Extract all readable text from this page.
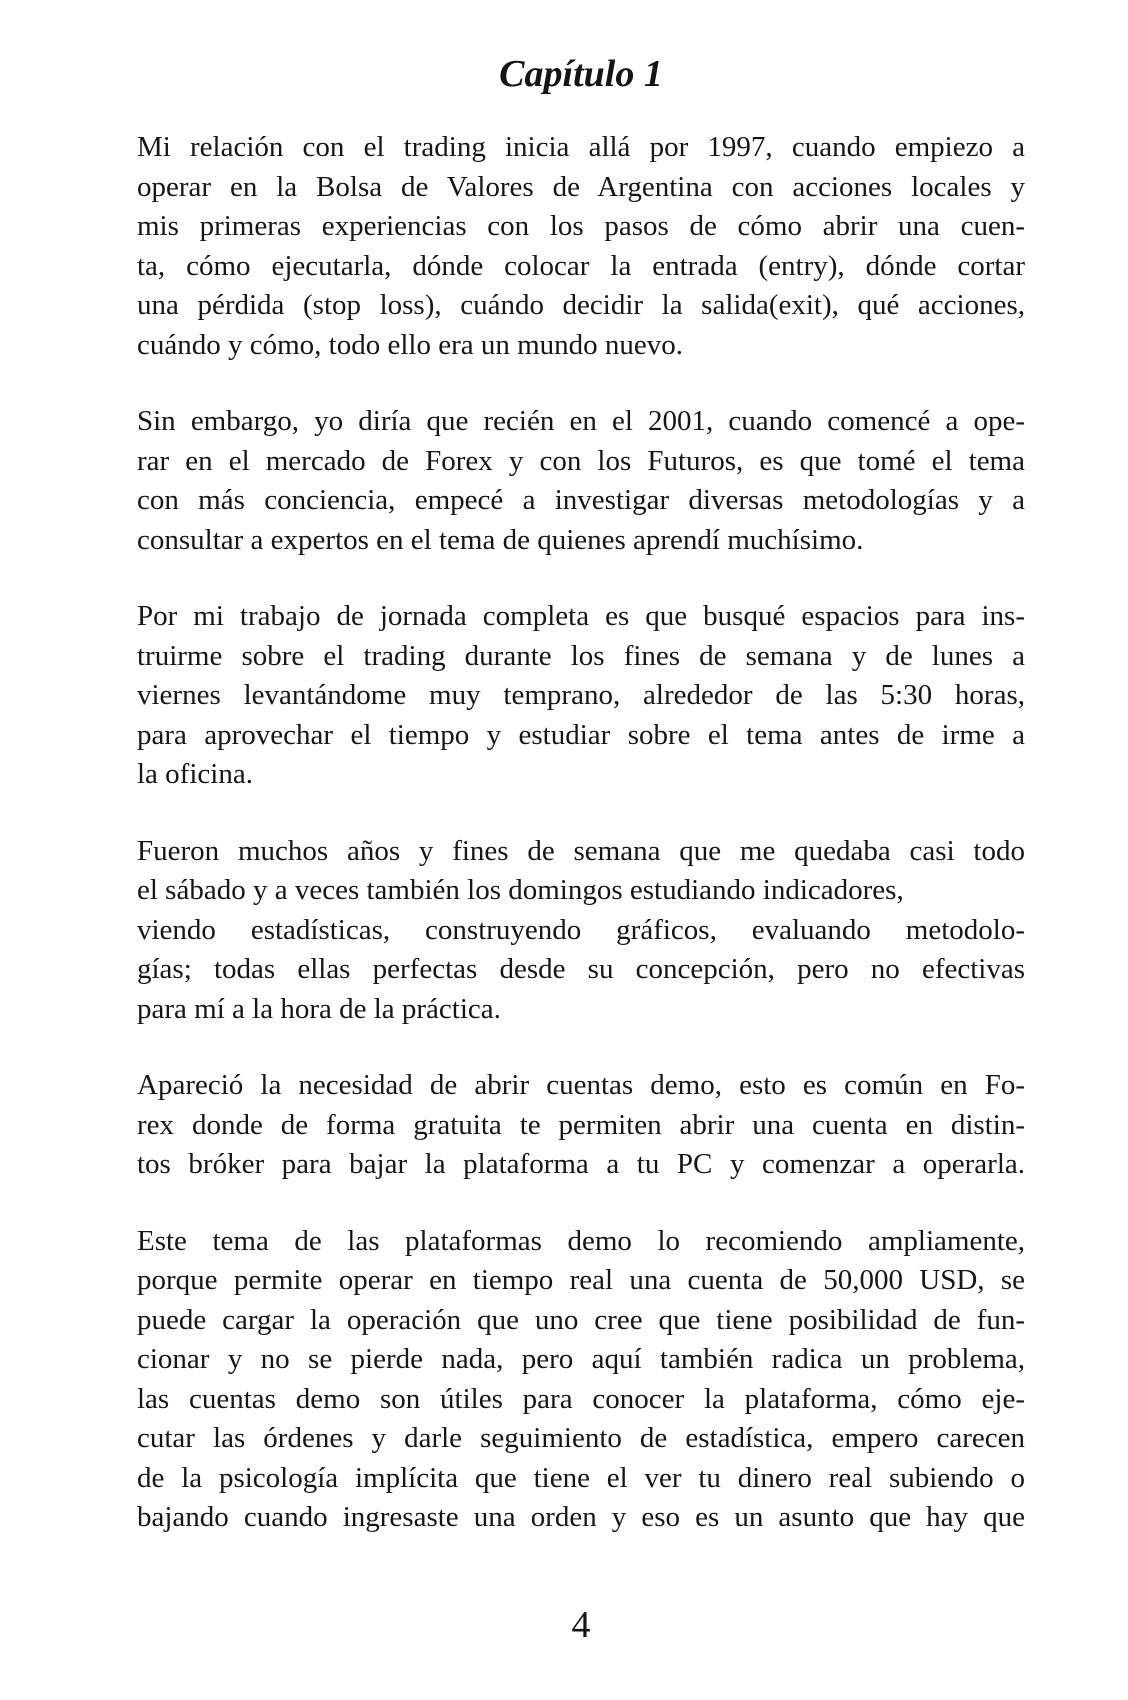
Capítulo 1

Mi relación con el trading inicia allá por 1997, cuando empiezo a
operar en la Bolsa de Valores de Argentina con acciones locales y
mis primeras experiencias con los pasos de cómo abrir una cuen-
ta, cómo ejecutarla, dónde colocar la entrada (entry), dónde cortar
una pérdida (stop loss), cuándo decidir la salida(exit), qué acciones,
cuándo y cómo, todo ello era un mundo nuevo.

Sin embargo, yo diría que recién en el 2001, cuando comencé a ope-
rar en el mercado de Forex y con los Futuros, es que tomé el tema
con más conciencia, empecé a investigar diversas metodologías y a
consultar a expertos en el tema de quienes aprendí muchísimo.

Por mi trabajo de jornada completa es que busqué espacios para ins-
truirme sobre el trading durante los fines de semana y de lunes a
viernes levantándome muy temprano, alrededor de las 5:30 horas,
para aprovechar el tiempo y estudiar sobre el tema antes de irme a
la oficina.

Fueron muchos años y fines de semana que me quedaba casi todo
el sábado y a veces también los domingos estudiando indicadores,
viendo estadísticas, construyendo gráficos, evaluando metodolo-
gías; todas ellas perfectas desde su concepción, pero no efectivas
para mí a la hora de la práctica.

Apareció la necesidad de abrir cuentas demo, esto es común en Fo-
rex donde de forma gratuita te permiten abrir una cuenta en distin-
tos bróker para bajar la plataforma a tu PC y comenzar a operarla.

Este tema de las plataformas demo lo recomiendo ampliamente,
porque permite operar en tiempo real una cuenta de 50,000 USD, se
puede cargar la operación que uno cree que tiene posibilidad de fun-
cionar y no se pierde nada, pero aquí también radica un problema,
las cuentas demo son útiles para conocer la plataforma, cómo eje-
cutar las órdenes y darle seguimiento de estadística, empero carecen
de la psicología implícita que tiene el ver tu dinero real subiendo o
bajando cuando ingresaste una orden y eso es un asunto que hay que

4
